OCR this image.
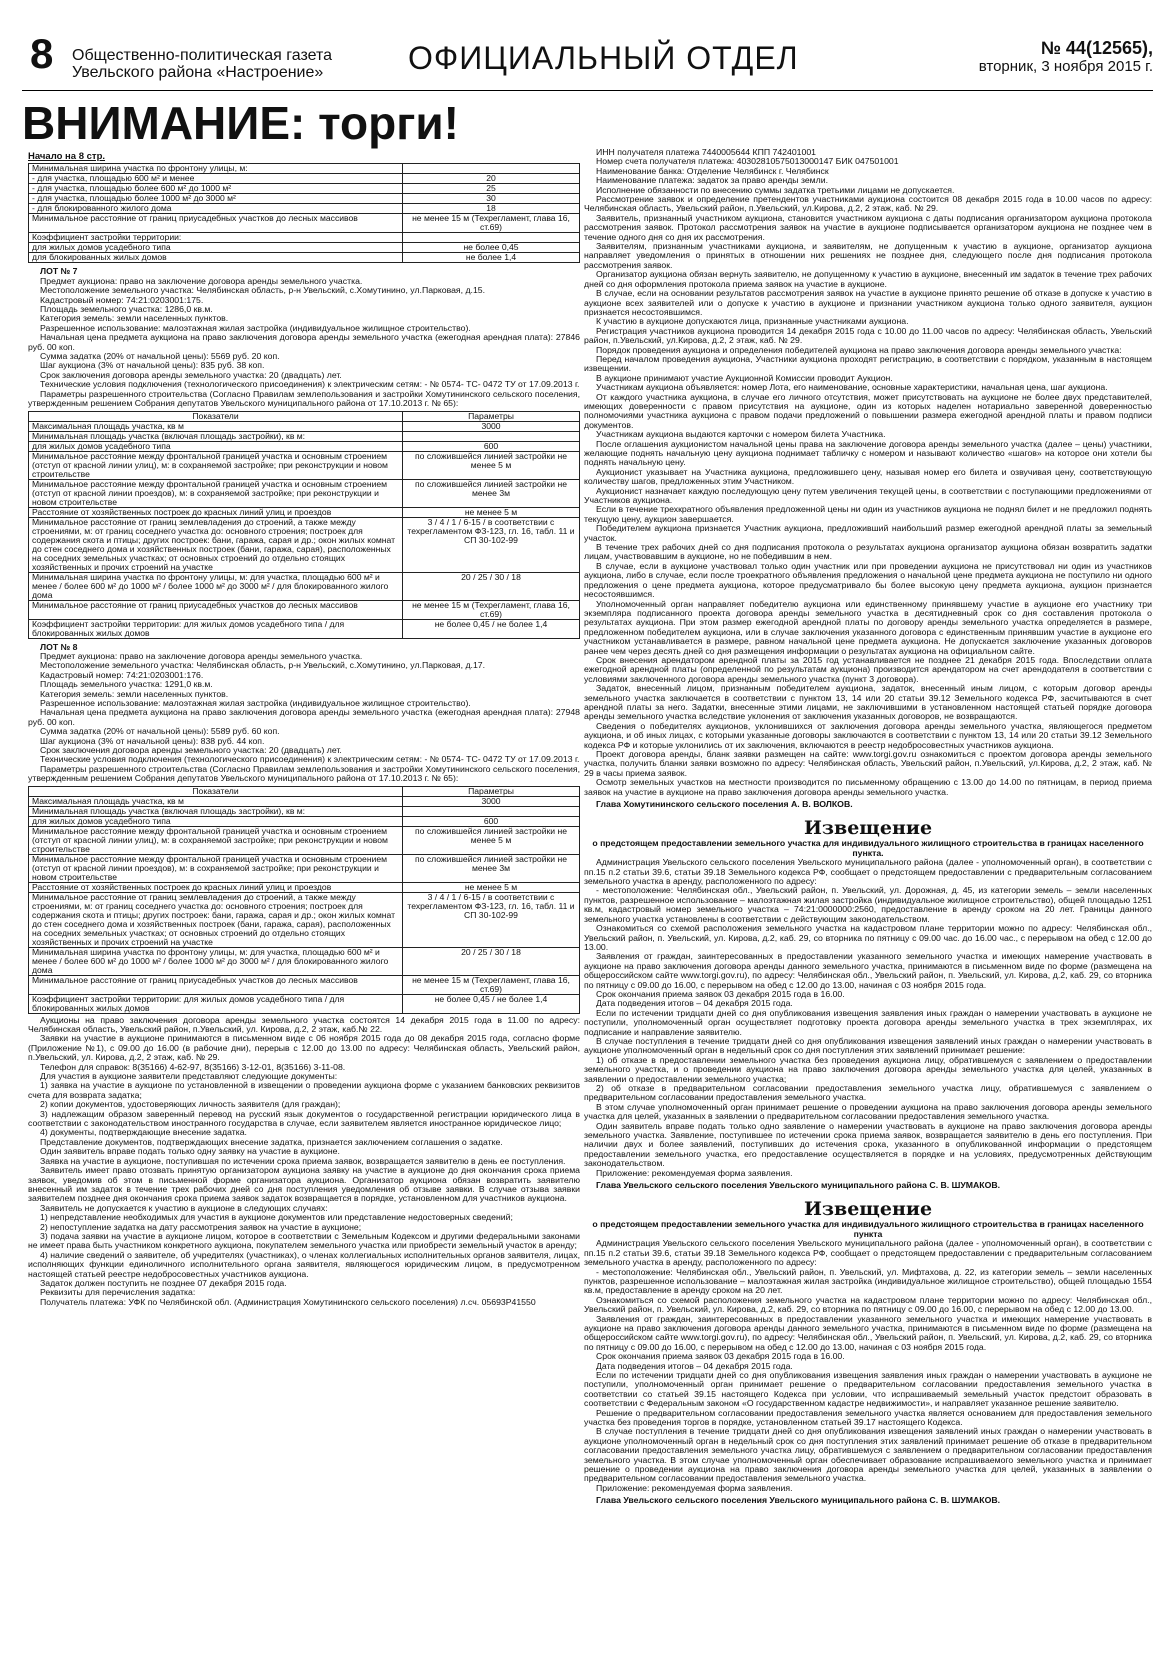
8 Общественно-политическая газета
Увельского района «Настроение»	ОФИЦИАЛЬНЫЙ ОТДЕЛ	№ 44(12565),
вторник, 3 ноября 2015 г.
ВНИМАНИЕ: торги!
Начало на 8 стр.
Минимальная ширина участка по фронтону улицы, м:	
- для участка, площадью 600 м² и менее	20
- для участка, площадью более 600 м² до 1000 м²	25
- для участка, площадью более 1000 м² до 3000 м²	30
- для блокированного жилого дома	18
Минимальное расстояние от границ приусадебных участков до лесных массивов	не менее 15 м (Техрегламент, глава 16, ст.69)
Коэффициент застройки территории:	
для жилых домов усадебного типа	не более 0,45
для блокированных жилых домов	не более 1,4

ЛОТ № 7

Предмет аукциона: право на заключение договора аренды земельного участка.

Местоположение земельного участка: Челябинская область, р-н Увельский, с.Хомутинино, ул.Парковая, д.15.

Кадастровый номер: 74:21:0203001:175.

Площадь земельного участка: 1286,0 кв.м.

Категория земель: земли населенных пунктов.

Разрешенное использование: малоэтажная жилая застройка (индивидуальное жилищное строительство).

Начальная цена предмета аукциона на право заключения договора аренды земельного участка (ежегодная арендная плата): 27846 руб. 00 коп.

Сумма задатка (20% от начальной цены): 5569 руб. 20 коп.

Шаг аукциона (3% от начальной цены): 835 руб. 38 коп.

Срок заключения договора аренды земельного участка: 20 (двадцать) лет.

Технические условия подключения (технологического присоединения) к электрическим сетям: - № 0574- ТС- 0472 ТУ от 17.09.2013 г.

Параметры разрешенного строительства (Согласно Правилам землепользования и застройки Хомутининского сельского поселения, утвержденным решением Собрания депутатов Увельского муниципального района от 17.10.2013 г. № 65):

Показатели	Параметры
Максимальная площадь участка, кв м	3000
Минимальная площадь участка (включая площадь застройки), кв м:	
для жилых домов усадебного типа	600
Минимальное расстояние между фронтальной границей участка и основным строением (отступ от красной линии улиц), м: в сохраняемой застройке; при реконструкции и новом строительстве	по сложившейся линией застройки не менее 5 м
Минимальное расстояние между фронтальной границей участка и основным строением (отступ от красной линии проездов), м: в сохраняемой застройке; при реконструкции и новом строительстве	по сложившейся линией застройки не менее 3м
Расстояние от хозяйственных построек до красных линий улиц и проездов	не менее 5 м
Минимальное расстояние от границ землевладения до строений, а также между строениями, м: от границ соседнего участка до: основного строения; построек для содержания скота и птицы; других построек: бани, гаража, сарая и др.; окон жилых комнат до стен соседнего дома и хозяйственных построек (бани, гаража, сарая), расположенных на соседних земельных участках; от основных строений до отдельно стоящих хозяйственных и прочих строений на участке	3 / 4 / 1 / 6-15 / в соответствии с техрегламентом ФЗ-123, гл. 16, табл. 11 и СП 30-102-99
Минимальная ширина участка по фронтону улицы, м: для участка, площадью 600 м² и менее / более 600 м² до 1000 м² / более 1000 м² до 3000 м² / для блокированного жилого дома	20 / 25 / 30 / 18
Минимальное расстояние от границ приусадебных участков до лесных массивов	не менее 15 м (Техрегламент, глава 16, ст.69)
Коэффициент застройки территории: для жилых домов усадебного типа / для блокированных жилых домов	не более 0,45 / не более 1,4

ЛОТ № 8

Предмет аукциона: право на заключение договора аренды земельного участка.

Местоположение земельного участка: Челябинская область, р-н Увельский, с.Хомутинино, ул.Парковая, д.17.

Кадастровый номер: 74:21:0203001:176.

Площадь земельного участка: 1291,0 кв.м.

Категория земель: земли населенных пунктов.

Разрешенное использование: малоэтажная жилая застройка (индивидуальное жилищное строительство).

Начальная цена предмета аукциона на право заключения договора аренды земельного участка (ежегодная арендная плата): 27948 руб. 00 коп.

Сумма задатка (20% от начальной цены): 5589 руб. 60 коп.

Шаг аукциона (3% от начальной цены): 838 руб. 44 коп.

Срок заключения договора аренды земельного участка: 20 (двадцать) лет.

Технические условия подключения (технологического присоединения) к электрическим сетям: - № 0574- ТС- 0472 ТУ от 17.09.2013 г.

Параметры разрешенного строительства (Согласно Правилам землепользования и застройки Хомутининского сельского поселения, утвержденным решением Собрания депутатов Увельского муниципального района от 17.10.2013 г. № 65):

Показатели	Параметры
Максимальная площадь участка, кв м	3000
Минимальная площадь участка (включая площадь застройки), кв м:	
для жилых домов усадебного типа	600
Минимальное расстояние между фронтальной границей участка и основным строением (отступ от красной линии улиц), м: в сохраняемой застройке; при реконструкции и новом строительстве	по сложившейся линией застройки не менее 5 м
Минимальное расстояние между фронтальной границей участка и основным строением (отступ от красной линии проездов), м: в сохраняемой застройке; при реконструкции и новом строительстве	по сложившейся линией застройки не менее 3м
Расстояние от хозяйственных построек до красных линий улиц и проездов	не менее 5 м
Минимальное расстояние от границ землевладения до строений, а также между строениями, м: от границ соседнего участка до: основного строения; построек для содержания скота и птицы; других построек: бани, гаража, сарая и др.; окон жилых комнат до стен соседнего дома и хозяйственных построек (бани, гаража, сарая), расположенных на соседних земельных участках; от основных строений до отдельно стоящих хозяйственных и прочих строений на участке	3 / 4 / 1 / 6-15 / в соответствии с техрегламентом ФЗ-123, гл. 16, табл. 11 и СП 30-102-99
Минимальная ширина участка по фронтону улицы, м: для участка, площадью 600 м² и менее / более 600 м² до 1000 м² / более 1000 м² до 3000 м² / для блокированного жилого дома	20 / 25 / 30 / 18
Минимальное расстояние от границ приусадебных участков до лесных массивов	не менее 15 м (Техрегламент, глава 16, ст.69)
Коэффициент застройки территории: для жилых домов усадебного типа / для блокированных жилых домов	не более 0,45 / не более 1,4

Аукционы на право заключения договора аренды земельного участка состоятся 14 декабря 2015 года в 11.00 по адресу: Челябинская область, Увельский район, п.Увельский, ул. Кирова, д.2, 2 этаж, каб.№ 22.

Заявки на участие в аукционе принимаются в письменном виде с 06 ноября 2015 года до 08 декабря 2015 года, согласно форме (Приложение №1), с 09.00 до 16.00 (в рабочие дни), перерыв с 12.00 до 13.00 по адресу: Челябинская область, Увельский район, п.Увельский, ул. Кирова, д.2, 2 этаж, каб. № 29.

Телефон для справок: 8(35166) 4-62-97, 8(35166) 3-12-01, 8(35166) 3-11-08.

Для участия в аукционе заявители представляют следующие документы:

1) заявка на участие в аукционе по установленной в извещении о проведении аукциона форме с указанием банковских реквизитов счета для возврата задатка;

2) копии документов, удостоверяющих личность заявителя (для граждан);

3) надлежащим образом заверенный перевод на русский язык документов о государственной регистрации юридического лица в соответствии с законодательством иностранного государства в случае, если заявителем является иностранное юридическое лицо;

4) документы, подтверждающие внесение задатка.

Представление документов, подтверждающих внесение задатка, признается заключением соглашения о задатке.

Один заявитель вправе подать только одну заявку на участие в аукционе.

Заявка на участие в аукционе, поступившая по истечении срока приема заявок, возвращается заявителю в день ее поступления.

Заявитель имеет право отозвать принятую организатором аукциона заявку на участие в аукционе до дня окончания срока приема заявок, уведомив об этом в письменной форме организатора аукциона. Организатор аукциона обязан возвратить заявителю внесенный им задаток в течение трех рабочих дней со дня поступления уведомления об отзыве заявки. В случае отзыва заявки заявителем позднее дня окончания срока приема заявок задаток возвращается в порядке, установленном для участников аукциона.

Заявитель не допускается к участию в аукционе в следующих случаях:

1) непредставление необходимых для участия в аукционе документов или представление недостоверных сведений;

2) непоступление задатка на дату рассмотрения заявок на участие в аукционе;

3) подача заявки на участие в аукционе лицом, которое в соответствии с Земельным Кодексом и другими федеральными законами не имеет права быть участником конкретного аукциона, покупателем земельного участка или приобрести земельный участок в аренду;

4) наличие сведений о заявителе, об учредителях (участниках), о членах коллегиальных исполнительных органов заявителя, лицах, исполняющих функции единоличного исполнительного органа заявителя, являющегося юридическим лицом, в предусмотренном настоящей статьей реестре недобросовестных участников аукциона.

Задаток должен поступить не позднее 07 декабря 2015 года.

Реквизиты для перечисления задатка:

Получатель платежа: УФК по Челябинской обл. (Администрация Хомутининского сельского поселения) л.сч. 05693Р41550

ИНН получателя платежа 7440005644 КПП 742401001

Номер счета получателя платежа: 40302810575013000147 БИК 047501001

Наименование банка: Отделение Челябинск г. Челябинск

Наименование платежа: задаток за право аренды земли.

Исполнение обязанности по внесению суммы задатка третьими лицами не допускается.

Рассмотрение заявок и определение претендентов участниками аукциона состоится 08 декабря 2015 года в 10.00 часов по адресу: Челябинская область, Увельский район, п.Увельский, ул.Кирова, д.2, 2 этаж, каб. № 29.

Заявитель, признанный участником аукциона, становится участником аукциона с даты подписания организатором аукциона протокола рассмотрения заявок. Протокол рассмотрения заявок на участие в аукционе подписывается организатором аукциона не позднее чем в течение одного дня со дня их рассмотрения.

Заявителям, признанным участниками аукциона, и заявителям, не допущенным к участию в аукционе, организатор аукциона направляет уведомления о принятых в отношении них решениях не позднее дня, следующего после дня подписания протокола рассмотрения заявок.

Организатор аукциона обязан вернуть заявителю, не допущенному к участию в аукционе, внесенный им задаток в течение трех рабочих дней со дня оформления протокола приема заявок на участие в аукционе.

В случае, если на основании результатов рассмотрения заявок на участие в аукционе принято решение об отказе в допуске к участию в аукционе всех заявителей или о допуске к участию в аукционе и признании участником аукциона только одного заявителя, аукцион признается несостоявшимся.

К участию в аукционе допускаются лица, признанные участниками аукциона.

Регистрация участников аукциона проводится 14 декабря 2015 года с 10.00 до 11.00 часов по адресу: Челябинская область, Увельский район, п.Увельский, ул.Кирова, д.2, 2 этаж, каб. № 29.

Порядок проведения аукциона и определения победителей аукциона на право заключения договора аренды земельного участка:

Перед началом проведения аукциона, Участники аукциона проходят регистрацию, в соответствии с порядком, указанным в настоящем извещении.

В аукционе принимают участие Аукционной Комиссии проводит Аукцион.

Участникам аукциона объявляется: номер Лота, его наименование, основные характеристики, начальная цена, шаг аукциона.

От каждого участника аукциона, в случае его личного отсутствия, может присутствовать на аукционе не более двух представителей, имеющих доверенности с правом присутствия на аукционе, один из которых наделен нотариально заверенной доверенностью полномочиями участника аукциона с правом подачи предложений о повышении размера ежегодной арендной платы и правом подписи документов.

Участникам аукциона выдаются карточки с номером билета Участника.

После оглашения аукционистом начальной цены права на заключение договора аренды земельного участка (далее – цены) участники, желающие поднять начальную цену аукциона поднимает табличку с номером и называют количество «шагов» на которое они хотели бы поднять начальную цену.

Аукционист указывает на Участника аукциона, предложившего цену, называя номер его билета и озвучивая цену, соответствующую количеству шагов, предложенных этим Участником.

Аукционист назначает каждую последующую цену путем увеличения текущей цены, в соответствии с поступающими предложениями от Участников аукциона.

Если в течение трехкратного объявления предложенной цены ни один из участников аукциона не поднял билет и не предложил поднять текущую цену, аукцион завершается.

Победителем аукциона признается Участник аукциона, предложивший наибольший размер ежегодной арендной платы за земельный участок.

В течение трех рабочих дней со дня подписания протокола о результатах аукциона организатор аукциона обязан возвратить задатки лицам, участвовавшим в аукционе, но не победившим в нем.

В случае, если в аукционе участвовал только один участник или при проведении аукциона не присутствовал ни один из участников аукциона, либо в случае, если после троекратного объявления предложения о начальной цене предмета аукциона не поступило ни одного предложения о цене предмета аукциона, которое предусматривало бы более высокую цену предмета аукциона, аукцион признается несостоявшимся.

Уполномоченный орган направляет победителю аукциона или единственному принявшему участие в аукционе его участнику три экземпляра подписанного проекта договора аренды земельного участка в десятидневный срок со дня составления протокола о результатах аукциона. При этом размер ежегодной арендной платы по договору аренды земельного участка определяется в размере, предложенном победителем аукциона, или в случае заключения указанного договора с единственным принявшим участие в аукционе его участником устанавливается в размере, равном начальной цене предмета аукциона. Не допускается заключение указанных договоров ранее чем через десять дней со дня размещения информации о результатах аукциона на официальном сайте.

Срок внесения арендатором арендной платы за 2015 год устанавливается не позднее 21 декабря 2015 года. Впоследствии оплата ежегодной арендной платы (определенной по результатам аукциона) производится арендатором на счет арендодателя в соответствии с условиями заключенного договора аренды земельного участка (пункт 3 договора).

Задаток, внесенный лицом, признанным победителем аукциона, задаток, внесенный иным лицом, с которым договор аренды земельного участка заключается в соответствии с пунктом 13, 14 или 20 статьи 39.12 Земельного кодекса РФ, засчитываются в счет арендной платы за него. Задатки, внесенные этими лицами, не заключившими в установленном настоящей статьей порядке договора аренды земельного участка вследствие уклонения от заключения указанных договоров, не возвращаются.

Сведения о победителях аукционов, уклонившихся от заключения договора аренды земельного участка, являющегося предметом аукциона, и об иных лицах, с которыми указанные договоры заключаются в соответствии с пунктом 13, 14 или 20 статьи 39.12 Земельного кодекса РФ и которые уклонились от их заключения, включаются в реестр недобросовестных участников аукциона.

Проект договора аренды, бланк заявки размещен на сайте: www.torgi.gov.ru ознакомиться с проектом договора аренды земельного участка, получить бланки заявки возможно по адресу: Челябинская область, Увельский район, п.Увельский, ул.Кирова, д.2, 2 этаж, каб. № 29 в часы приема заявок.

Осмотр земельных участков на местности производится по письменному обращению с 13.00 до 14.00 по пятницам, в период приема заявок на участие в аукционе на право заключения договора аренды земельного участка.

Глава Хомутининского сельского поселения А. В. ВОЛКОВ.

Извещение

о предстоящем предоставлении земельного участка для индивидуального жилищного строительства в границах населенного пункта.

Администрация Увельского сельского поселения Увельского муниципального района (далее - уполномоченный орган), в соответствии с пп.15 п.2 статьи 39.6, статьи 39.18 Земельного кодекса РФ, сообщает о предстоящем предоставлении с предварительным согласованием земельного участка в аренду, расположенного по адресу:

- местоположение: Челябинская обл., Увельский район, п. Увельский, ул. Дорожная, д. 45, из категории земель – земли населенных пунктов, разрешенное использование – малоэтажная жилая застройка (индивидуальное жилищное строительство), общей площадью 1251 кв.м, кадастровый номер земельного участка – 74:21:0000000:2560, предоставление в аренду сроком на 20 лет. Границы данного земельного участка установлены в соответствии с действующим законодательством.

Ознакомиться со схемой расположения земельного участка на кадастровом плане территории можно по адресу: Челябинская обл., Увельский район, п. Увельский, ул. Кирова, д.2, каб. 29, со вторника по пятницу с 09.00 час. до 16.00 час., с перерывом на обед с 12.00 до 13.00.

Заявления от граждан, заинтересованных в предоставлении указанного земельного участка и имеющих намерение участвовать в аукционе на право заключения договора аренды данного земельного участка, принимаются в письменном виде по форме (размещена на общероссийском сайте www.torgi.gov.ru), по адресу: Челябинская обл., Увельский район, п. Увельский, ул. Кирова, д.2, каб. 29, со вторника по пятницу с 09.00 до 16.00, с перерывом на обед с 12.00 до 13.00, начиная с 03 ноября 2015 года.

Срок окончания приема заявок 03 декабря 2015 года в 16.00.

Дата подведения итогов – 04 декабря 2015 года.

Если по истечении тридцати дней со дня опубликования извещения заявления иных граждан о намерении участвовать в аукционе не поступили, уполномоченный орган осуществляет подготовку проекта договора аренды земельного участка в трех экземплярах, их подписание и направление заявителю.

В случае поступления в течение тридцати дней со дня опубликования извещения заявлений иных граждан о намерении участвовать в аукционе уполномоченный орган в недельный срок со дня поступления этих заявлений принимает решение:

1) об отказе в предоставлении земельного участка без проведения аукциона лицу, обратившемуся с заявлением о предоставлении земельного участка, и о проведении аукциона на право заключения договора аренды земельного участка для целей, указанных в заявлении о предоставлении земельного участка;

2) об отказе в предварительном согласовании предоставления земельного участка лицу, обратившемуся с заявлением о предварительном согласовании предоставления земельного участка.

В этом случае уполномоченный орган принимает решение о проведении аукциона на право заключения договора аренды земельного участка для целей, указанных в заявлении о предварительном согласовании предоставления земельного участка.

Один заявитель вправе подать только одно заявление о намерении участвовать в аукционе на право заключения договора аренды земельного участка. Заявление, поступившее по истечении срока приема заявок, возвращается заявителю в день его поступления. При наличии двух и более заявлений, поступивших до истечения срока, указанного в опубликованной информации о предстоящем предоставлении земельного участка, его предоставление осуществляется в порядке и на условиях, предусмотренных действующим законодательством.

Приложение: рекомендуемая форма заявления.

Глава Увельского сельского поселения Увельского муниципального района С. В. ШУМАКОВ.

Извещение

о предстоящем предоставлении земельного участка для индивидуального жилищного строительства в границах населенного пункта

Администрация Увельского сельского поселения Увельского муниципального района (далее - уполномоченный орган), в соответствии с пп.15 п.2 статьи 39.6, статьи 39.18 Земельного кодекса РФ, сообщает о предстоящем предоставлении с предварительным согласованием земельного участка в аренду, расположенного по адресу:

- местоположение: Челябинская обл., Увельский район, п. Увельский, ул. Мифтахова, д. 22, из категории земель – земли населенных пунктов, разрешенное использование – малоэтажная жилая застройка (индивидуальное жилищное строительство), общей площадью 1554 кв.м, предоставление в аренду сроком на 20 лет.

Ознакомиться со схемой расположения земельного участка на кадастровом плане территории можно по адресу: Челябинская обл., Увельский район, п. Увельский, ул. Кирова, д.2, каб. 29, со вторника по пятницу с 09.00 до 16.00, с перерывом на обед с 12.00 до 13.00.

Заявления от граждан, заинтересованных в предоставлении указанного земельного участка и имеющих намерение участвовать в аукционе на право заключения договора аренды данного земельного участка, принимаются в письменном виде по форме (размещена на общероссийском сайте www.torgi.gov.ru), по адресу: Челябинская обл., Увельский район, п. Увельский, ул. Кирова, д.2, каб. 29, со вторника по пятницу с 09.00 до 16.00, с перерывом на обед с 12.00 до 13.00, начиная с 03 ноября 2015 года.

Срок окончания приема заявок 03 декабря 2015 года в 16.00.

Дата подведения итогов – 04 декабря 2015 года.

Если по истечении тридцати дней со дня опубликования извещения заявления иных граждан о намерении участвовать в аукционе не поступили, уполномоченный орган принимает решение о предварительном согласовании предоставления земельного участка в соответствии со статьей 39.15 настоящего Кодекса при условии, что испрашиваемый земельный участок предстоит образовать в соответствии с Федеральным законом «О государственном кадастре недвижимости», и направляет указанное решение заявителю.

Решение о предварительном согласовании предоставления земельного участка является основанием для предоставления земельного участка без проведения торгов в порядке, установленном статьей 39.17 настоящего Кодекса.

В случае поступления в течение тридцати дней со дня опубликования извещения заявлений иных граждан о намерении участвовать в аукционе уполномоченный орган в недельный срок со дня поступления этих заявлений принимает решение об отказе в предварительном согласовании предоставления земельного участка лицу, обратившемуся с заявлением о предварительном согласовании предоставления земельного участка. В этом случае уполномоченный орган обеспечивает образование испрашиваемого земельного участка и принимает решение о проведении аукциона на право заключения договора аренды земельного участка для целей, указанных в заявлении о предварительном согласовании предоставления земельного участка.

Приложение: рекомендуемая форма заявления.

Глава Увельского сельского поселения Увельского муниципального района С. В. ШУМАКОВ.
